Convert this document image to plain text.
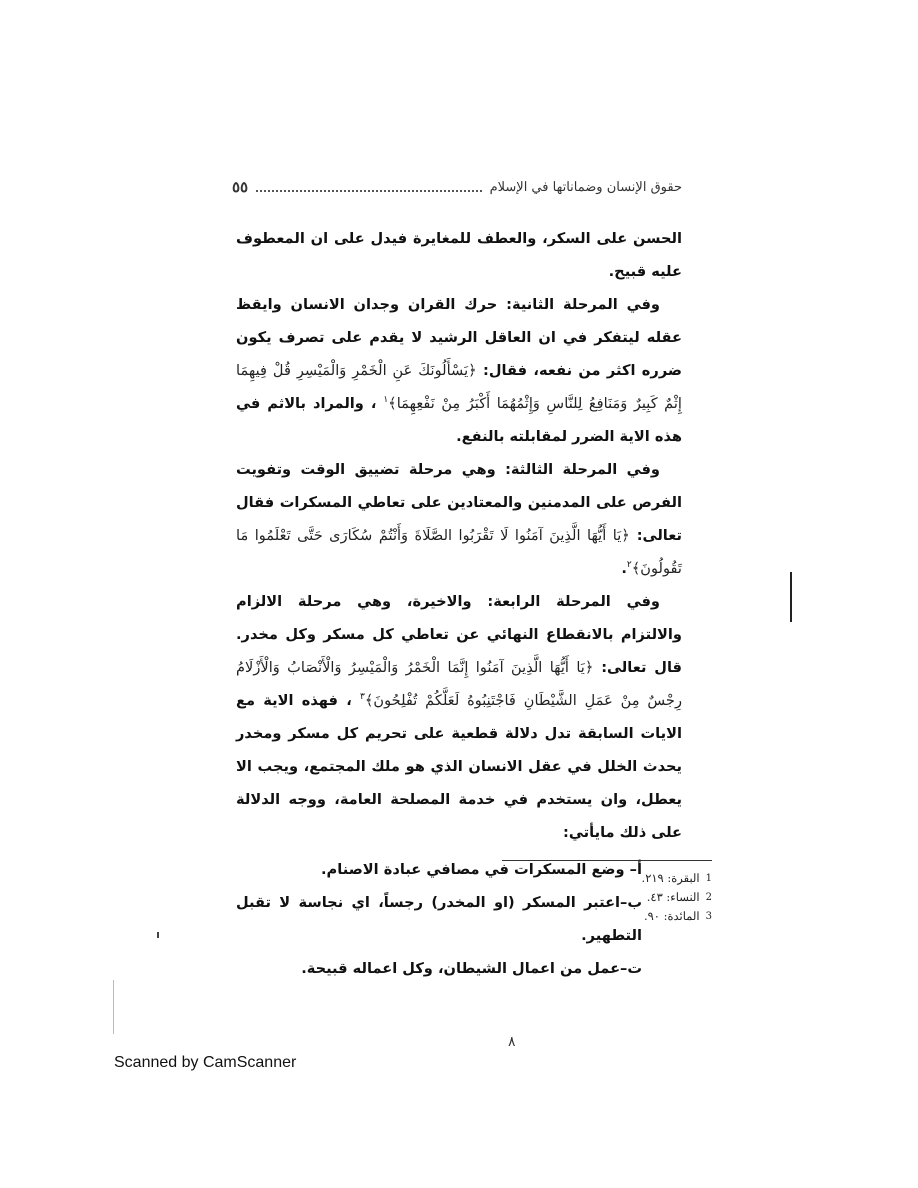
حقوق الإنسان وضماناتها في الإسلام
٥٥

الحسن على السكر، والعطف للمغايرة فيدل على ان المعطوف عليه قبيح.

وفي المرحلة الثانية: حرك القران وجدان الانسان وايقظ عقله ليتفكر في ان العاقل الرشيد لا يقدم على تصرف يكون ضرره اكثر من نفعه، فقال: ﴿يَسْأَلُونَكَ عَنِ الْخَمْرِ وَالْمَيْسِرِ قُلْ فِيهِمَا إِثْمٌ كَبِيرٌ وَمَنَافِعُ لِلنَّاسِ وَإِثْمُهُمَا أَكْبَرُ مِنْ نَفْعِهِمَا﴾$^١$ ، والمراد بالاثم في هذه الاية الضرر لمقابلته بالنفع.

وفي المرحلة الثالثة: وهي مرحلة تضييق الوقت وتفويت الفرص على المدمنين والمعتادين على تعاطي المسكرات فقال تعالى: ﴿يَا أَيُّهَا الَّذِينَ آمَنُوا لَا تَقْرَبُوا الصَّلَاةَ وَأَنْتُمْ سُكَارَى حَتَّى تَعْلَمُوا مَا تَقُولُونَ﴾$^٢$.

وفي المرحلة الرابعة: والاخيرة، وهي مرحلة الالزام والالتزام بالانقطاع النهائي عن تعاطي كل مسكر وكل مخدر. قال تعالى: ﴿يَا أَيُّهَا الَّذِينَ آمَنُوا إِنَّمَا الْخَمْرُ وَالْمَيْسِرُ وَالْأَنْصَابُ وَالْأَزْلَامُ رِجْسٌ مِنْ عَمَلِ الشَّيْطَانِ فَاجْتَنِبُوهُ لَعَلَّكُمْ تُفْلِحُونَ﴾$^٣$ ، فهذه الاية مع الايات السابقة تدل دلالة قطعية على تحريم كل مسكر ومخدر يحدث الخلل في عقل الانسان الذي هو ملك المجتمع، ويجب الا يعطل، وان يستخدم في خدمة المصلحة العامة، ووجه الدلالة على ذلك مايأتي:

أ– وضع المسكرات في مصافي عبادة الاصنام.
ب–اعتبر المسكر (او المخدر) رجساً، اي نجاسة لا تقبل التطهير.
ت–عمل من اعمال الشيطان، وكل اعماله قبيحة.
1
البقرة: ٢١٩.
2
النساء: ٤٣.
3
المائدة: ٩٠.
٨
Scanned by CamScanner
